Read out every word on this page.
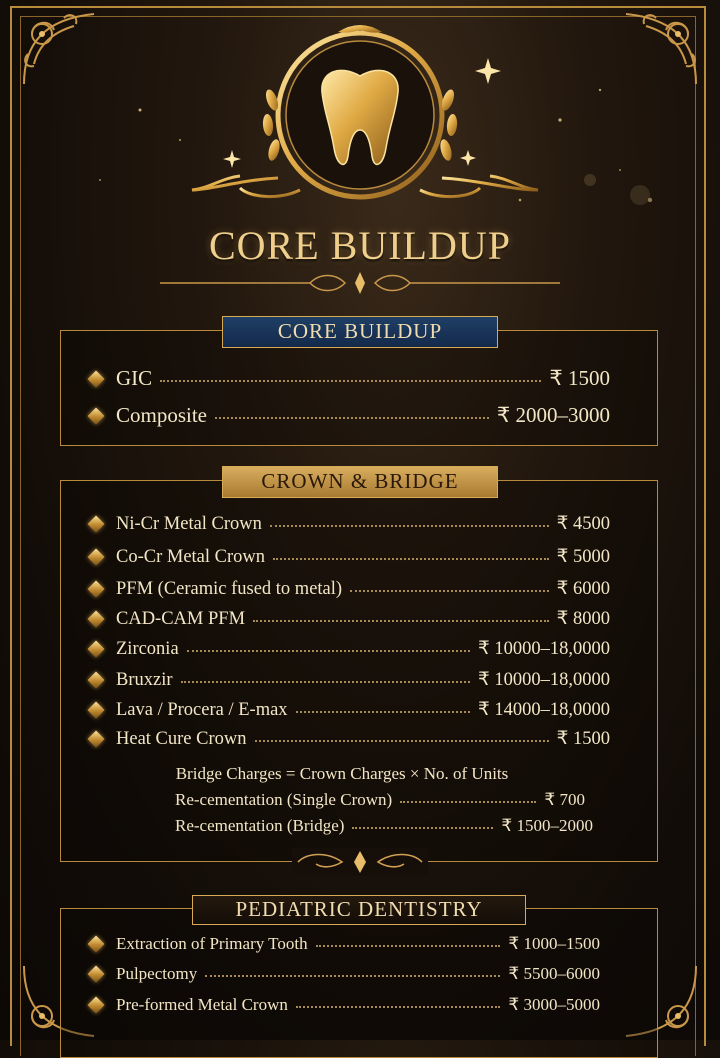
CORE BUILDUP
CORE BUILDUP
GIC	₹ 1500
Composite	₹ 2000–3000
CROWN & BRIDGE
Ni-Cr Metal Crown	₹ 4500
Co-Cr Metal Crown	₹ 5000
PFM (Ceramic fused to metal)	₹ 6000
CAD-CAM PFM	₹ 8000
Zirconia	₹ 10000–18,0000
Bruxzir	₹ 10000–18,0000
Lava / Procera / E-max	₹ 14000–18,0000
Heat Cure Crown	₹ 1500
Bridge Charges = Crown Charges × No. of Units
Re-cementation (Single Crown)	₹ 700
Re-cementation (Bridge)	₹ 1500–2000
PEDIATRIC DENTISTRY
Extraction of Primary Tooth	₹ 1000–1500
Pulpectomy	₹ 5500–6000
Pre-formed Metal Crown	₹ 3000–5000
